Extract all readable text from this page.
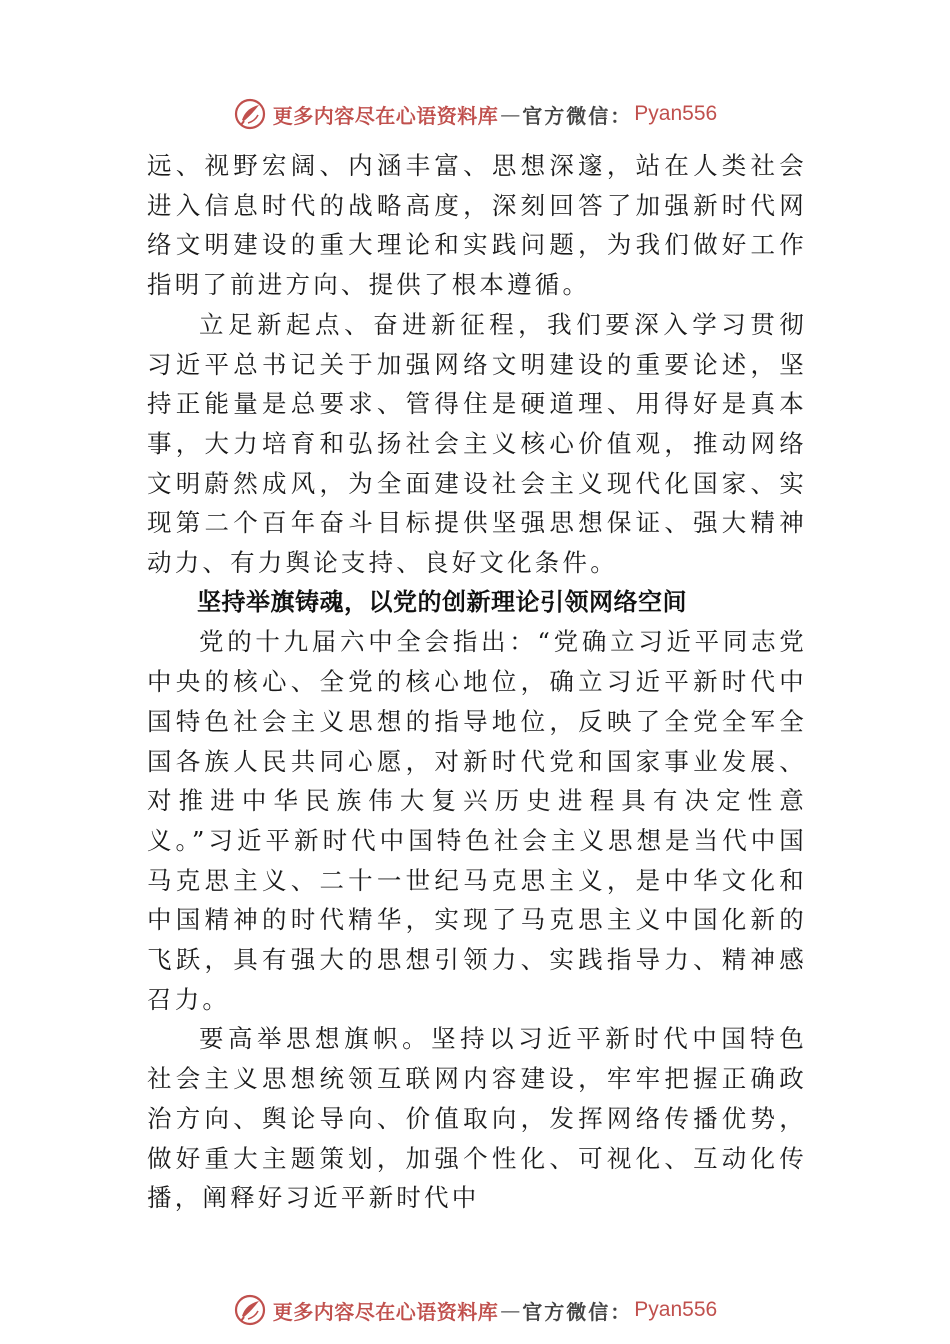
更多内容尽在心语资料库 — 官方微信： Pyan556

远、视野宏阔、内涵丰富、思想深邃，站在人类社会进入信息时代的战略高度，深刻回答了加强新时代网络文明建设的重大理论和实践问题，为我们做好工作指明了前进方向、提供了根本遵循。

立足新起点、奋进新征程，我们要深入学习贯彻习近平总书记关于加强网络文明建设的重要论述，坚持正能量是总要求、管得住是硬道理、用得好是真本事，大力培育和弘扬社会主义核心价值观，推动网络文明蔚然成风，为全面建设社会主义现代化国家、实现第二个百年奋斗目标提供坚强思想保证、强大精神动力、有力舆论支持、良好文化条件。

坚持举旗铸魂，以党的创新理论引领网络空间

党的十九届六中全会指出：“党确立习近平同志党中央的核心、全党的核心地位，确立习近平新时代中国特色社会主义思想的指导地位，反映了全党全军全国各族人民共同心愿，对新时代党和国家事业发展、对推进中华民族伟大复兴历史进程具有决定性意义。”习近平新时代中国特色社会主义思想是当代中国马克思主义、二十一世纪马克思主义，是中华文化和中国精神的时代精华，实现了马克思主义中国化新的飞跃，具有强大的思想引领力、实践指导力、精神感召力。

要高举思想旗帜。坚持以习近平新时代中国特色社会主义思想统领互联网内容建设，牢牢把握正确政治方向、舆论导向、价值取向，发挥网络传播优势，做好重大主题策划，加强个性化、可视化、互动化传播，阐释好习近平新时代中

更多内容尽在心语资料库 — 官方微信： Pyan556
